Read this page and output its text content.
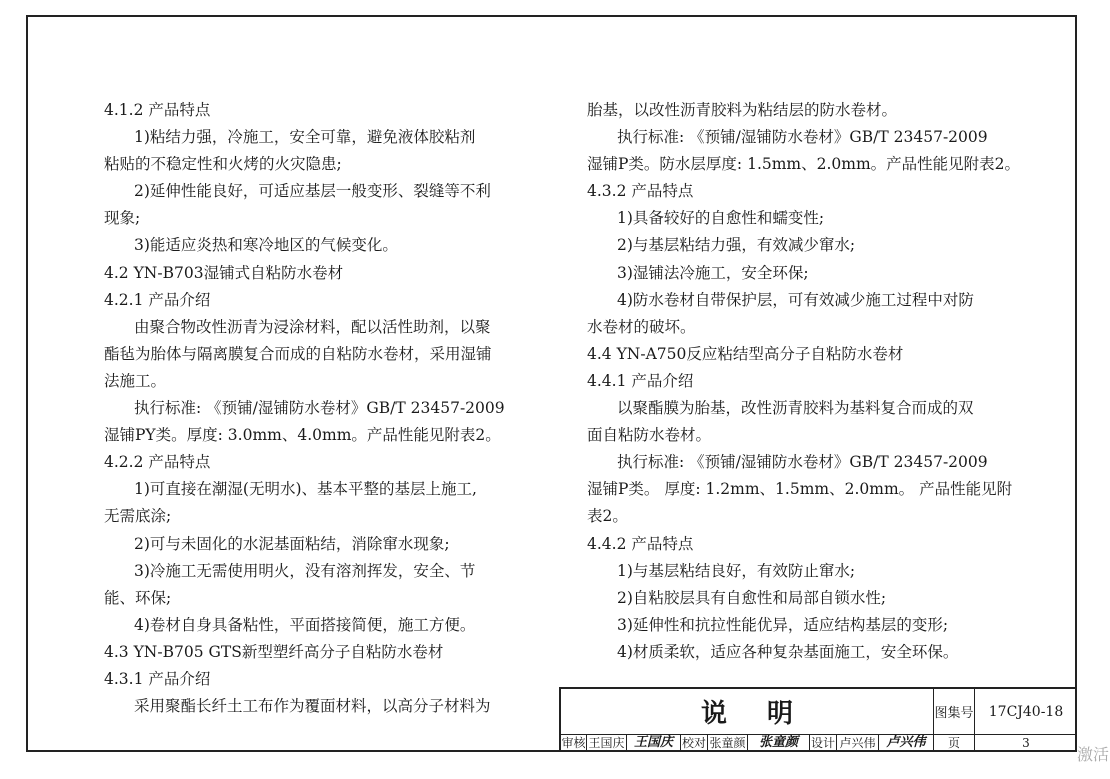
4.1.2 产品特点
1)粘结力强，冷施工，安全可靠，避免液体胶粘剂
粘贴的不稳定性和火烤的火灾隐患;
2)延伸性能良好，可适应基层一般变形、裂缝等不利
现象;
3)能适应炎热和寒冷地区的气候变化。
4.2 YN-B703湿铺式自粘防水卷材
4.2.1 产品介绍
由聚合物改性沥青为浸涂材料，配以活性助剂，以聚
酯毡为胎体与隔离膜复合而成的自粘防水卷材，采用湿铺
法施工。
执行标准: 《预铺/湿铺防水卷材》GB/T 23457-2009
湿铺PY类。厚度: 3.0mm、4.0mm。产品性能见附表2。
4.2.2 产品特点
1)可直接在潮湿(无明水)、基本平整的基层上施工,
无需底涂;
2)可与未固化的水泥基面粘结，消除窜水现象;
3)冷施工无需使用明火，没有溶剂挥发，安全、节
能、环保;
4)卷材自身具备粘性，平面搭接简便，施工方便。
4.3 YN-B705 GTS新型塑纤高分子自粘防水卷材
4.3.1 产品介绍
采用聚酯长纤土工布作为覆面材料，以高分子材料为
胎基，以改性沥青胶料为粘结层的防水卷材。
执行标准: 《预铺/湿铺防水卷材》GB/T 23457-2009
湿铺P类。防水层厚度: 1.5mm、2.0mm。产品性能见附表2。
4.3.2 产品特点
1)具备较好的自愈性和蠕变性;
2)与基层粘结力强，有效减少窜水;
3)湿铺法冷施工，安全环保;
4)防水卷材自带保护层，可有效减少施工过程中对防
水卷材的破坏。
4.4 YN-A750反应粘结型高分子自粘防水卷材
4.4.1 产品介绍
以聚酯膜为胎基，改性沥青胶料为基料复合而成的双
面自粘防水卷材。
执行标准: 《预铺/湿铺防水卷材》GB/T 23457-2009
湿铺P类。 厚度: 1.2mm、1.5mm、2.0mm。 产品性能见附
表2。
4.4.2 产品特点
1)与基层粘结良好，有效防止窜水;
2)自粘胶层具有自愈性和局部自锁水性;
3)延伸性和抗拉性能优异，适应结构基层的变形;
4)材质柔软，适应各种复杂基面施工，安全环保。
说明	图集号	17CJ40-18
审核 王国庆 王国庆 校对 张童颜	张童颜	设计 卢兴伟 卢兴伟	页	3
激活
